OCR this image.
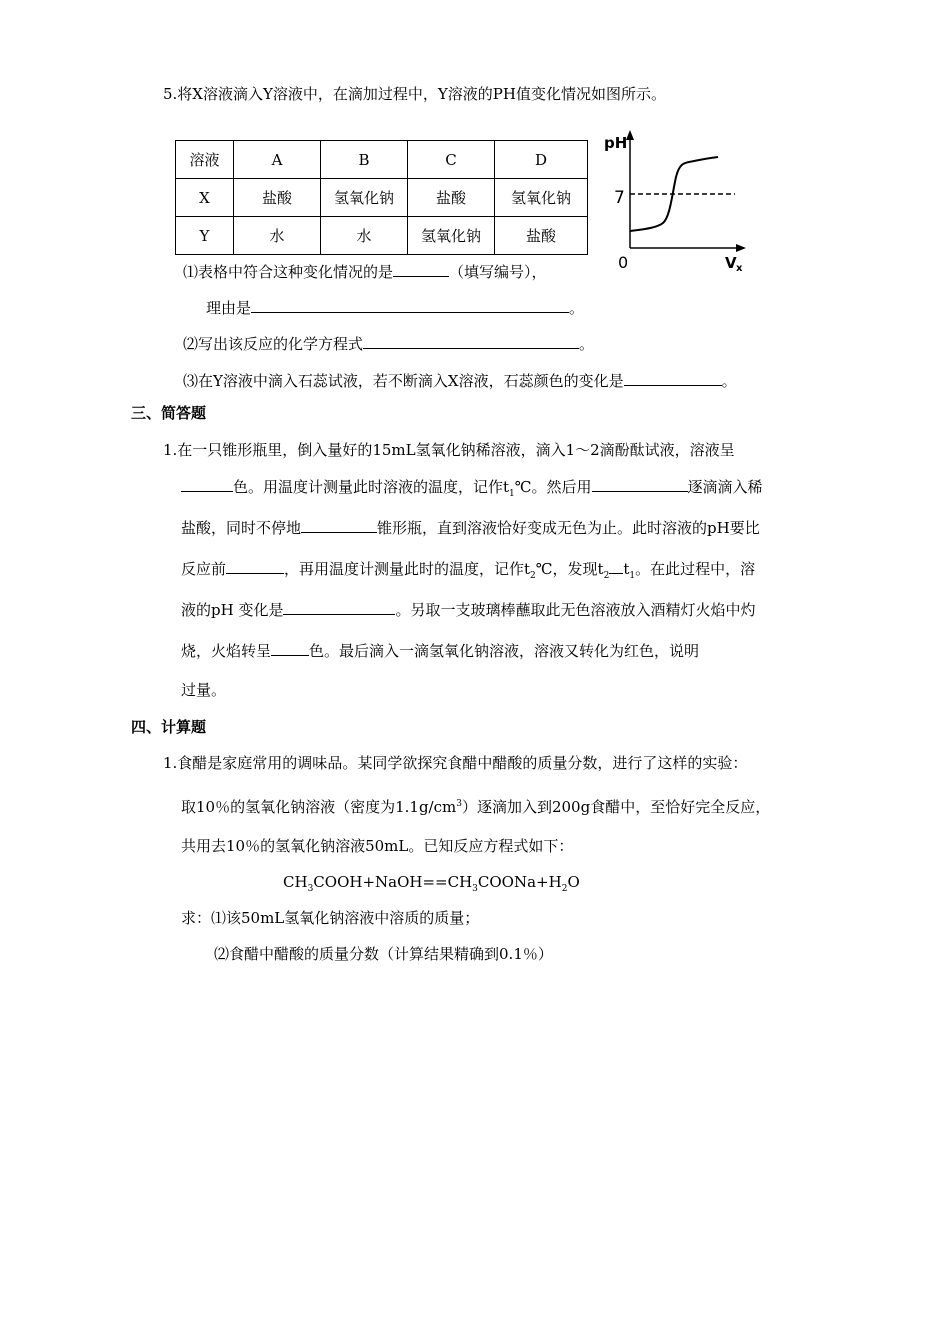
5.将X溶液滴入Y溶液中，在滴加过程中，Y溶液的PH值变化情况如图所示。
溶液	A	B	C	D
X	盐酸	氢氧化钠	盐酸	氢氧化钠
Y	水	水	氢氧化钠	盐酸
pH
7
0	V x
⑴表格中符合这种变化情况的是	（填写编号），
理由是	。
⑵写出该反应的化学方程式	。
⑶在Y溶液中滴入石蕊试液，若不断滴入X溶液，石蕊颜色的变化是	。
三、简答题
1.在一只锥形瓶里，倒入量好的15mL氢氧化钠稀溶液，滴入1～2滴酚酞试液，溶液呈
色。用温度计测量此时溶液的温度，记作$t_1℃$。然后用	逐滴滴入稀
盐酸，同时不停地	锥形瓶，直到溶液恰好变成无色为止。此时溶液的pH要比
反应前	，再用温度计测量此时的温度，记作$t_2℃$，发现$t_2$ $t_1$。在此过程中，溶
液的pH 变化是	。另取一支玻璃棒蘸取此无色溶液放入酒精灯火焰中灼
烧，火焰转呈	色。最后滴入一滴氢氧化钠溶液，溶液又转化为红色，说明
过量。
四、计算题
1.食醋是家庭常用的调味品。某同学欲探究食醋中醋酸的质量分数，进行了这样的实验：
取10％的氢氧化钠溶液（密度为$1.1g/cm^3$）逐滴加入到200g食醋中，至恰好完全反应，
共用去10％的氢氧化钠溶液50mL。已知反应方程式如下：
$CH_3COOH+NaOH==CH_3COONa+H_2O$
求：⑴该50mL氢氧化钠溶液中溶质的质量；
⑵食醋中醋酸的质量分数（计算结果精确到0.1％）
